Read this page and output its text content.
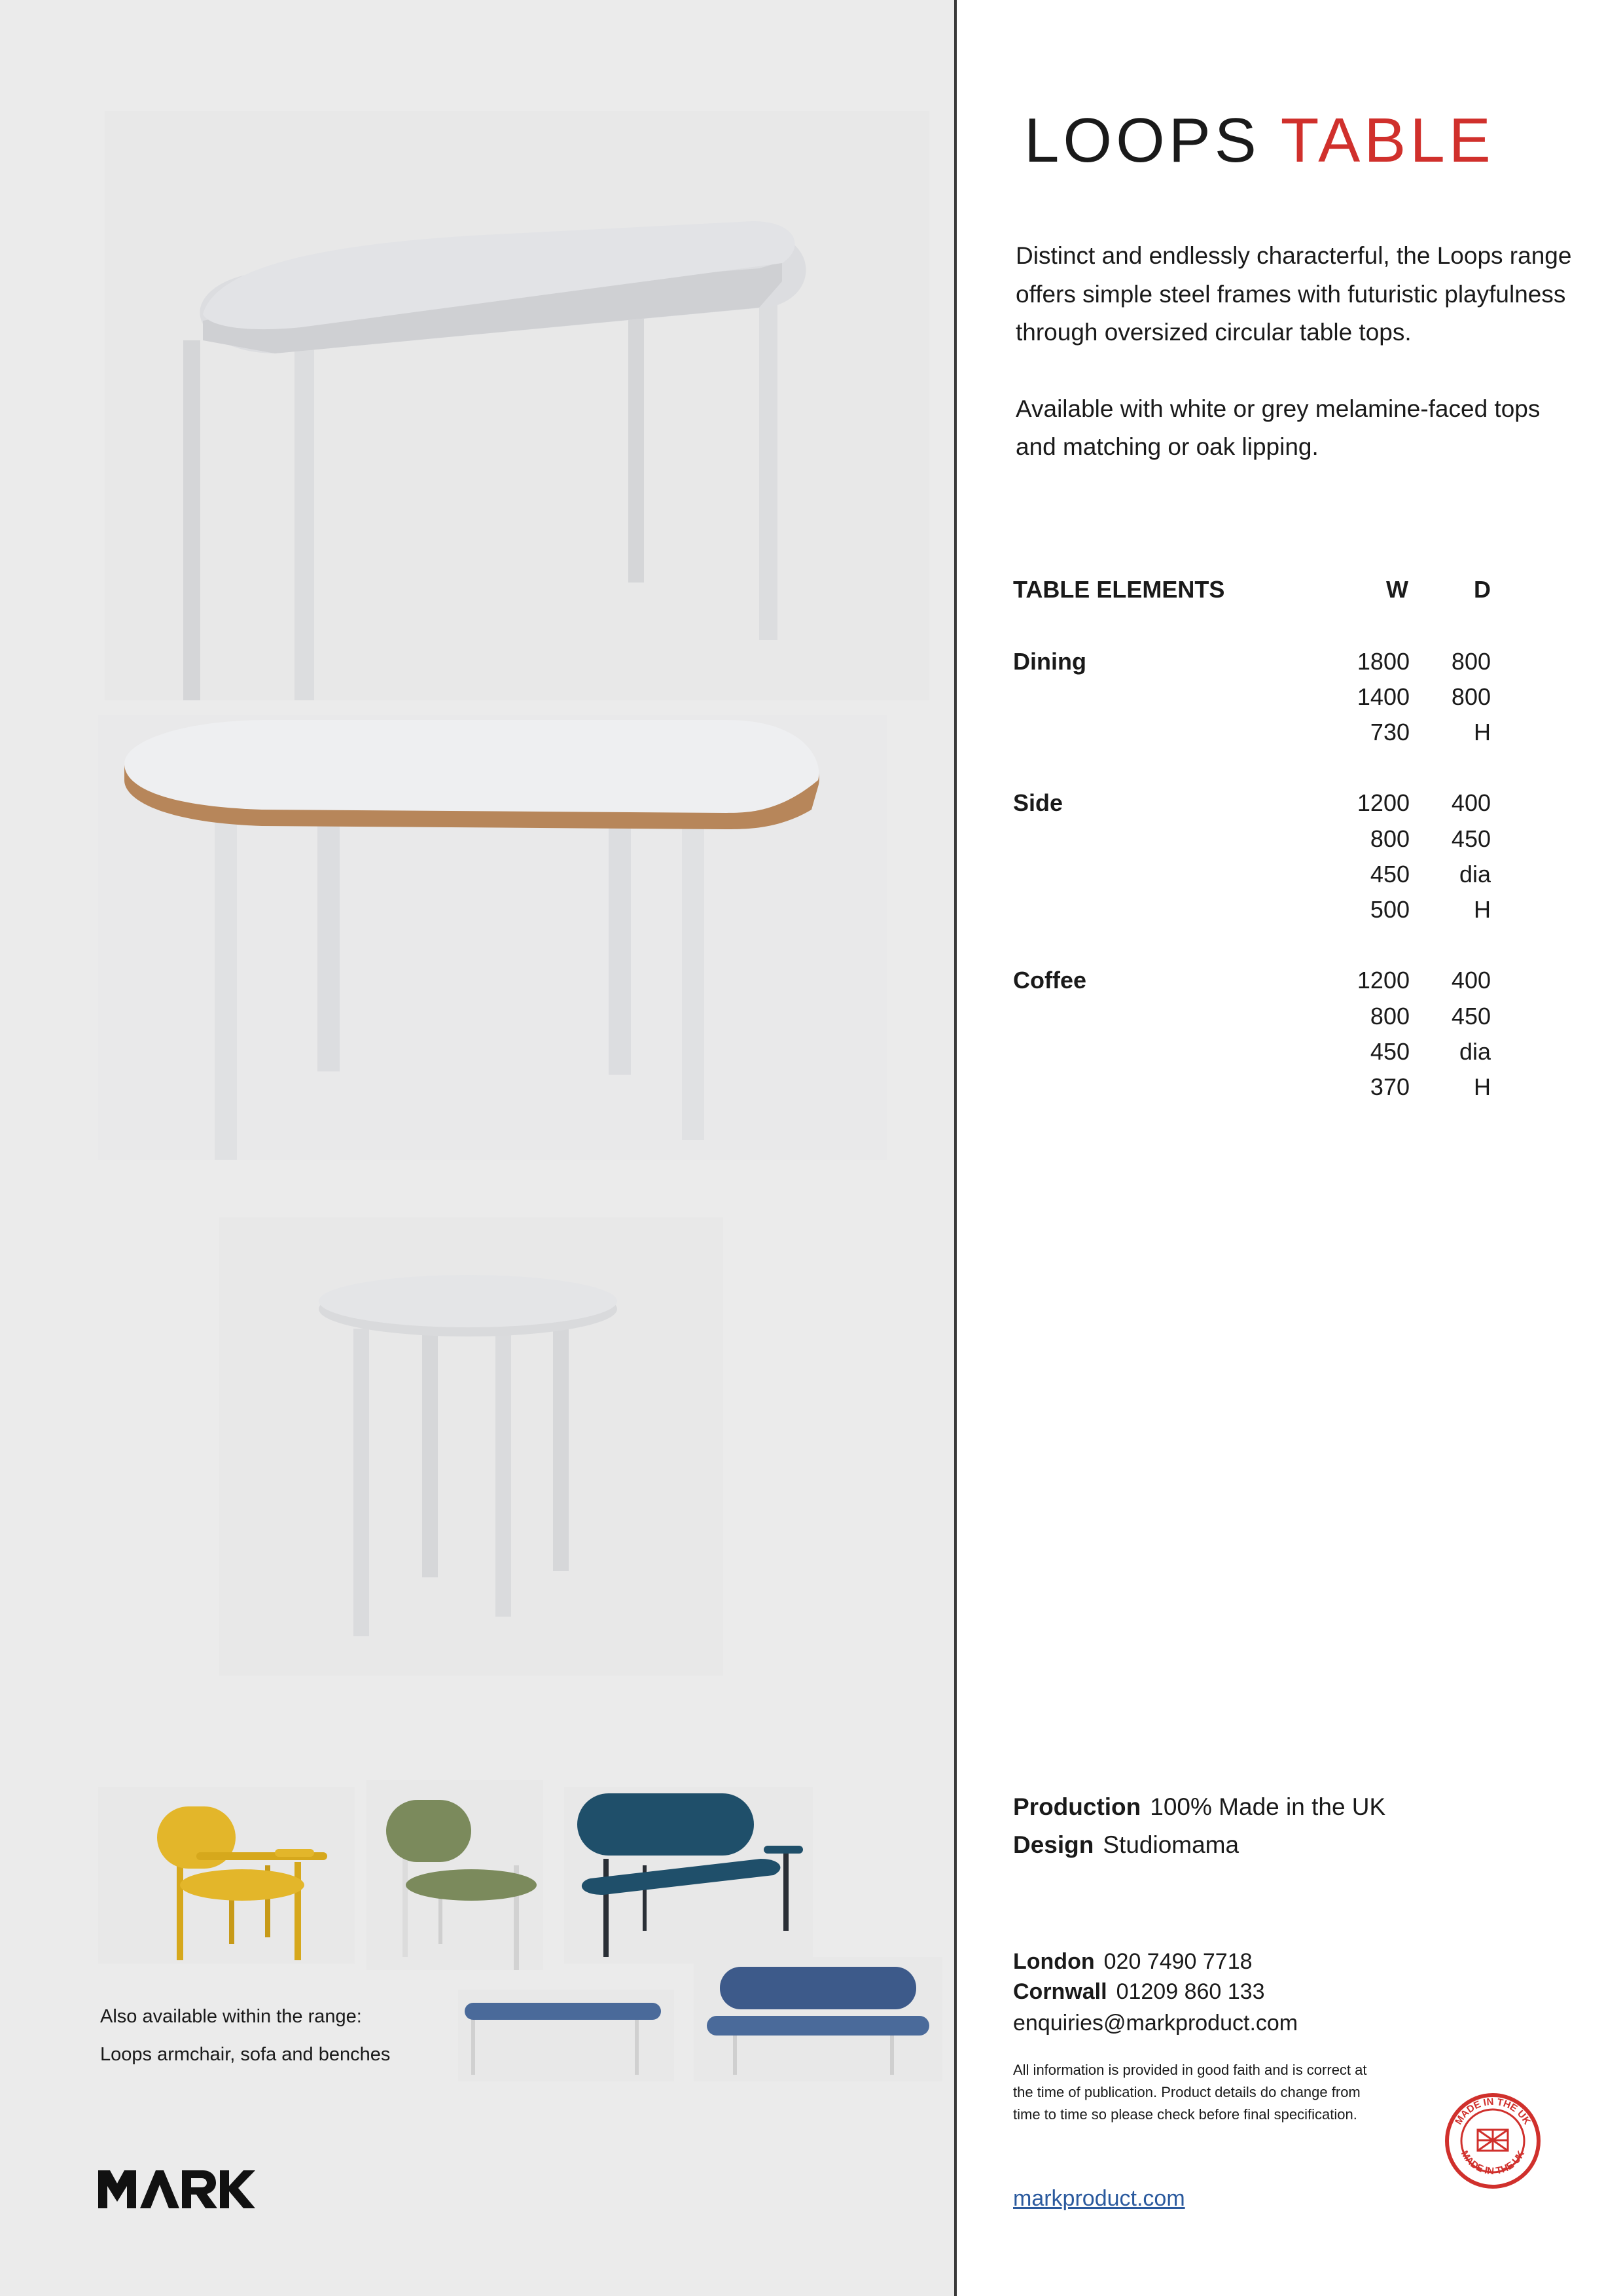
Also available within the range:
Loops armchair, sofa and benches
LOOPS TABLE

Distinct and endlessly characterful, the Loops range offers simple steel frames with futuristic playfulness through oversized circular table tops.

Available with white or grey melamine-faced tops and matching or oak lipping.

TABLE ELEMENTS	W	D
Dining	1800 800
1400 800
730	H
Side	1200 400
800 450
450 dia
500	H
Coffee	1200 400
800 450
450 dia
370	H
Production 100% Made in the UK
Design Studiomama
London 020 7490 7718
Cornwall 01209 860 133
enquiries@markproduct.com
All information is provided in good faith and is correct at the time of publication. Product details do change from time to time so please check before final specification.
markproduct.com
MADE IN THE UK
MADE IN THE UK
